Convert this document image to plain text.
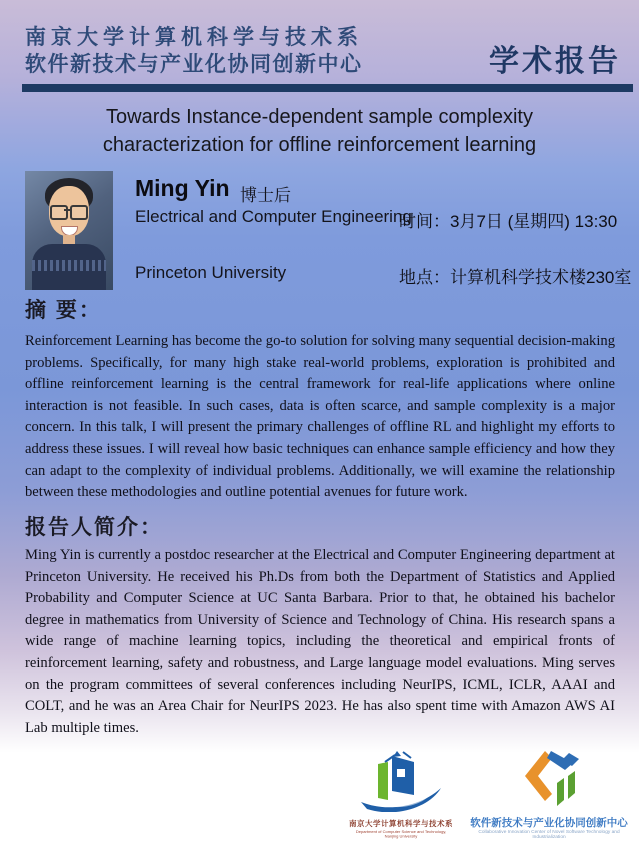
南京大学计算机科学与技术系
软件新技术与产业化协同创新中心	学术报告
Towards Instance-dependent sample complexity
characterization for offline reinforcement learning
Ming Yin 博士后
Electrical and Computer Engineering
Princeton University
时间：3月7日 (星期四) 13:30
地点：计算机科学技术楼230室
摘 要：
Reinforcement Learning has become the go-to solution for solving many sequential decision-making problems. Specifically, for many high stake real-world problems, exploration is prohibited and offline reinforcement learning is the central framework for real-life applications where online interaction is not feasible. In such cases, data is often scarce, and sample complexity is a major concern. In this talk, I will present the primary challenges of offline RL and highlight my efforts to address these issues. I will reveal how basic techniques can enhance sample efficiency and how they can adapt to the complexity of individual problems. Additionally, we will examine the relationship between these methodologies and outline potential avenues for future work.
报告人简介：
Ming Yin is currently a postdoc researcher at the Electrical and Computer Engineering department at Princeton University. He received his Ph.Ds from both the Department of Statistics and Applied Probability and Computer Science at UC Santa Barbara. Prior to that, he obtained his bachelor degree in mathematics from University of Science and Technology of China. His research spans a wide range of machine learning topics, including the theoretical and empirical fronts of reinforcement learning, safety and robustness, and Large language model evaluations. Ming serves on the program committees of several conferences including NeurIPS, ICML, ICLR, AAAI and COLT, and he was an Area Chair for NeurIPS 2023. He has also spent time with Amazon AWS AI Lab multiple times.
南京大学计算机科学与技术系
Department of Computer Science and Technology, Nanjing University
软件新技术与产业化协同创新中心
Collaborative Innovation Center of Novel Software Technology and Industrialization
